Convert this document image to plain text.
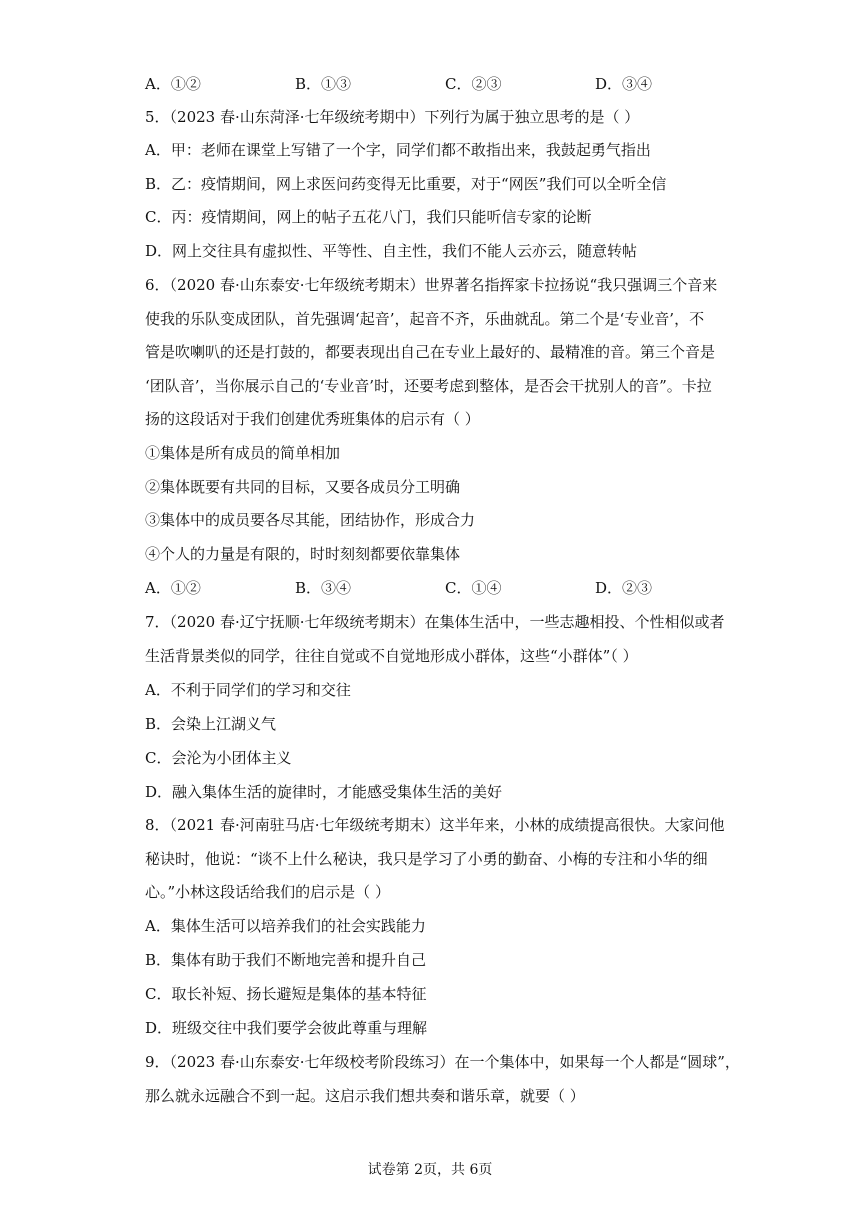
A．①②	B．①③	C．②③	D．③④
5．（2023 春·山东菏泽·七年级统考期中）下列行为属于独立思考的是（ ）
A．甲：老师在课堂上写错了一个字，同学们都不敢指出来，我鼓起勇气指出
B．乙：疫情期间，网上求医问药变得无比重要，对于“网医”我们可以全听全信
C．丙：疫情期间，网上的帖子五花八门，我们只能听信专家的论断
D．网上交往具有虚拟性、平等性、自主性，我们不能人云亦云，随意转帖
6．（2020 春·山东泰安·七年级统考期末）世界著名指挥家卡拉扬说“我只强调三个音来
使我的乐队变成团队，首先强调‘起音’，起音不齐，乐曲就乱。第二个是‘专业音’，不
管是吹喇叭的还是打鼓的，都要表现出自己在专业上最好的、最精准的音。第三个音是
‘团队音’，当你展示自己的‘专业音’时，还要考虑到整体，是否会干扰别人的音”。卡拉
扬的这段话对于我们创建优秀班集体的启示有（ ）
①集体是所有成员的简单相加
②集体既要有共同的目标，又要各成员分工明确
③集体中的成员要各尽其能，团结协作，形成合力
④个人的力量是有限的，时时刻刻都要依靠集体
A．①②	B．③④	C．①④	D．②③
7．（2020 春·辽宁抚顺·七年级统考期末）在集体生活中，一些志趣相投、个性相似或者
生活背景类似的同学，往往自觉或不自觉地形成小群体，这些“小群体”（ ）
A．不利于同学们的学习和交往
B．会染上江湖义气
C．会沦为小团体主义
D．融入集体生活的旋律时，才能感受集体生活的美好
8．（2021 春·河南驻马店·七年级统考期末）这半年来，小林的成绩提高很快。大家问他
秘诀时，他说：“谈不上什么秘诀，我只是学习了小勇的勤奋、小梅的专注和小华的细
心。”小林这段话给我们的启示是（ ）
A．集体生活可以培养我们的社会实践能力
B．集体有助于我们不断地完善和提升自己
C．取长补短、扬长避短是集体的基本特征
D．班级交往中我们要学会彼此尊重与理解
9．（2023 春·山东泰安·七年级校考阶段练习）在一个集体中，如果每一个人都是“圆球”，
那么就永远融合不到一起。这启示我们想共奏和谐乐章，就要（ ）
试卷第 2页，共 6页
